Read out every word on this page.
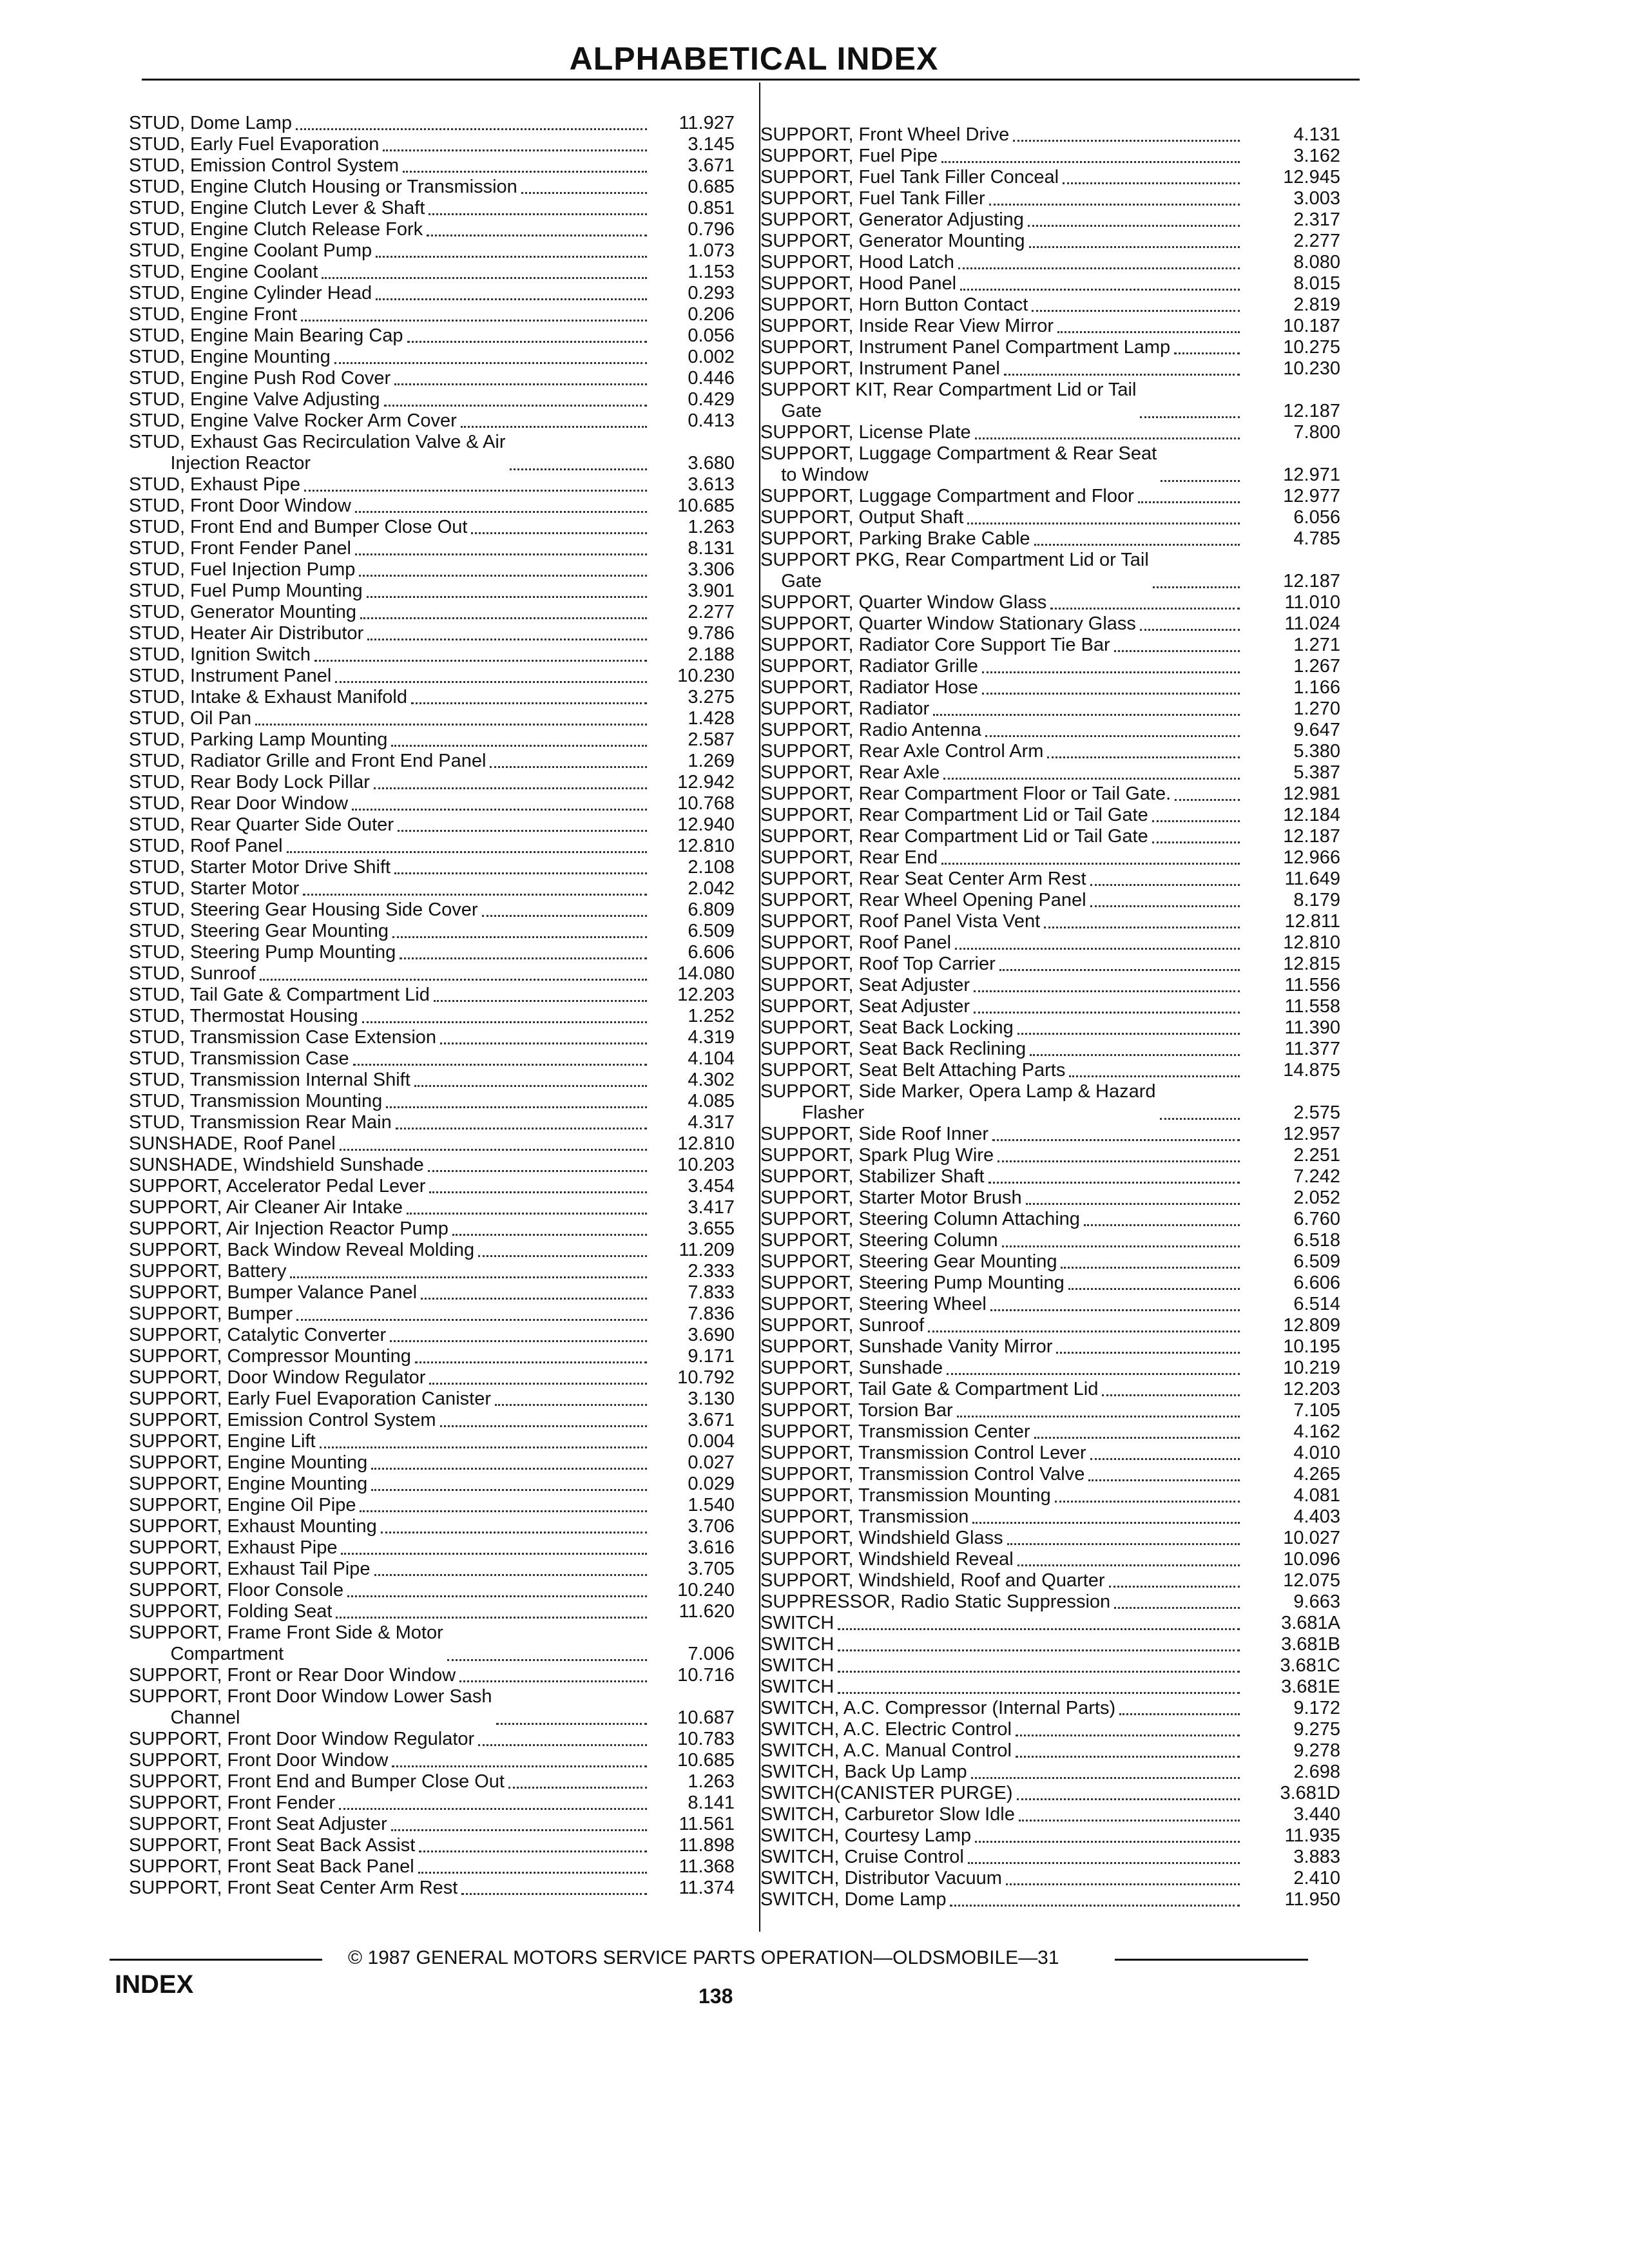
ALPHABETICAL INDEX
STUD, Dome Lamp	11.927
STUD, Early Fuel Evaporation	3.145
STUD, Emission Control System	3.671
STUD, Engine Clutch Housing or Transmission	0.685
STUD, Engine Clutch Lever & Shaft	0.851
STUD, Engine Clutch Release Fork	0.796
STUD, Engine Coolant Pump	1.073
STUD, Engine Coolant	1.153
STUD, Engine Cylinder Head	0.293
STUD, Engine Front	0.206
STUD, Engine Main Bearing Cap	0.056
STUD, Engine Mounting	0.002
STUD, Engine Push Rod Cover	0.446
STUD, Engine Valve Adjusting	0.429
STUD, Engine Valve Rocker Arm Cover	0.413
STUD, Exhaust Gas Recirculation Valve & Air
Injection Reactor	3.680
STUD, Exhaust Pipe	3.613
STUD, Front Door Window	10.685
STUD, Front End and Bumper Close Out	1.263
STUD, Front Fender Panel	8.131
STUD, Fuel Injection Pump	3.306
STUD, Fuel Pump Mounting	3.901
STUD, Generator Mounting	2.277
STUD, Heater Air Distributor	9.786
STUD, Ignition Switch	2.188
STUD, Instrument Panel	10.230
STUD, Intake & Exhaust Manifold	3.275
STUD, Oil Pan	1.428
STUD, Parking Lamp Mounting	2.587
STUD, Radiator Grille and Front End Panel	1.269
STUD, Rear Body Lock Pillar	12.942
STUD, Rear Door Window	10.768
STUD, Rear Quarter Side Outer	12.940
STUD, Roof Panel	12.810
STUD, Starter Motor Drive Shift	2.108
STUD, Starter Motor	2.042
STUD, Steering Gear Housing Side Cover	6.809
STUD, Steering Gear Mounting	6.509
STUD, Steering Pump Mounting	6.606
STUD, Sunroof	14.080
STUD, Tail Gate & Compartment Lid	12.203
STUD, Thermostat Housing	1.252
STUD, Transmission Case Extension	4.319
STUD, Transmission Case	4.104
STUD, Transmission Internal Shift	4.302
STUD, Transmission Mounting	4.085
STUD, Transmission Rear Main	4.317
SUNSHADE, Roof Panel	12.810
SUNSHADE, Windshield Sunshade	10.203
SUPPORT, Accelerator Pedal Lever	3.454
SUPPORT, Air Cleaner Air Intake	3.417
SUPPORT, Air Injection Reactor Pump	3.655
SUPPORT, Back Window Reveal Molding	11.209
SUPPORT, Battery	2.333
SUPPORT, Bumper Valance Panel	7.833
SUPPORT, Bumper	7.836
SUPPORT, Catalytic Converter	3.690
SUPPORT, Compressor Mounting	9.171
SUPPORT, Door Window Regulator	10.792
SUPPORT, Early Fuel Evaporation Canister	3.130
SUPPORT, Emission Control System	3.671
SUPPORT, Engine Lift	0.004
SUPPORT, Engine Mounting	0.027
SUPPORT, Engine Mounting	0.029
SUPPORT, Engine Oil Pipe	1.540
SUPPORT, Exhaust Mounting	3.706
SUPPORT, Exhaust Pipe	3.616
SUPPORT, Exhaust Tail Pipe	3.705
SUPPORT, Floor Console	10.240
SUPPORT, Folding Seat	11.620
SUPPORT, Frame Front Side & Motor
Compartment	7.006
SUPPORT, Front or Rear Door Window	10.716
SUPPORT, Front Door Window Lower Sash
Channel	10.687
SUPPORT, Front Door Window Regulator	10.783
SUPPORT, Front Door Window	10.685
SUPPORT, Front End and Bumper Close Out	1.263
SUPPORT, Front Fender	8.141
SUPPORT, Front Seat Adjuster	11.561
SUPPORT, Front Seat Back Assist	11.898
SUPPORT, Front Seat Back Panel	11.368
SUPPORT, Front Seat Center Arm Rest	11.374
SUPPORT, Front Wheel Drive	4.131
SUPPORT, Fuel Pipe	3.162
SUPPORT, Fuel Tank Filler Conceal	12.945
SUPPORT, Fuel Tank Filler	3.003
SUPPORT, Generator Adjusting	2.317
SUPPORT, Generator Mounting	2.277
SUPPORT, Hood Latch	8.080
SUPPORT, Hood Panel	8.015
SUPPORT, Horn Button Contact	2.819
SUPPORT, Inside Rear View Mirror	10.187
SUPPORT, Instrument Panel Compartment Lamp	10.275
SUPPORT, Instrument Panel	10.230
SUPPORT KIT, Rear Compartment Lid or Tail
Gate	12.187
SUPPORT, License Plate	7.800
SUPPORT, Luggage Compartment & Rear Seat
to Window	12.971
SUPPORT, Luggage Compartment and Floor	12.977
SUPPORT, Output Shaft	6.056
SUPPORT, Parking Brake Cable	4.785
SUPPORT PKG, Rear Compartment Lid or Tail
Gate	12.187
SUPPORT, Quarter Window Glass	11.010
SUPPORT, Quarter Window Stationary Glass	11.024
SUPPORT, Radiator Core Support Tie Bar	1.271
SUPPORT, Radiator Grille	1.267
SUPPORT, Radiator Hose	1.166
SUPPORT, Radiator	1.270
SUPPORT, Radio Antenna	9.647
SUPPORT, Rear Axle Control Arm	5.380
SUPPORT, Rear Axle	5.387
SUPPORT, Rear Compartment Floor or Tail Gate.	12.981
SUPPORT, Rear Compartment Lid or Tail Gate	12.184
SUPPORT, Rear Compartment Lid or Tail Gate	12.187
SUPPORT, Rear End	12.966
SUPPORT, Rear Seat Center Arm Rest	11.649
SUPPORT, Rear Wheel Opening Panel	8.179
SUPPORT, Roof Panel Vista Vent	12.811
SUPPORT, Roof Panel	12.810
SUPPORT, Roof Top Carrier	12.815
SUPPORT, Seat Adjuster	11.556
SUPPORT, Seat Adjuster	11.558
SUPPORT, Seat Back Locking	11.390
SUPPORT, Seat Back Reclining	11.377
SUPPORT, Seat Belt Attaching Parts	14.875
SUPPORT, Side Marker, Opera Lamp & Hazard
Flasher	2.575
SUPPORT, Side Roof Inner	12.957
SUPPORT, Spark Plug Wire	2.251
SUPPORT, Stabilizer Shaft	7.242
SUPPORT, Starter Motor Brush	2.052
SUPPORT, Steering Column Attaching	6.760
SUPPORT, Steering Column	6.518
SUPPORT, Steering Gear Mounting	6.509
SUPPORT, Steering Pump Mounting	6.606
SUPPORT, Steering Wheel	6.514
SUPPORT, Sunroof	12.809
SUPPORT, Sunshade Vanity Mirror	10.195
SUPPORT, Sunshade	10.219
SUPPORT, Tail Gate & Compartment Lid	12.203
SUPPORT, Torsion Bar	7.105
SUPPORT, Transmission Center	4.162
SUPPORT, Transmission Control Lever	4.010
SUPPORT, Transmission Control Valve	4.265
SUPPORT, Transmission Mounting	4.081
SUPPORT, Transmission	4.403
SUPPORT, Windshield Glass	10.027
SUPPORT, Windshield Reveal	10.096
SUPPORT, Windshield, Roof and Quarter	12.075
SUPPRESSOR, Radio Static Suppression	9.663
SWITCH	3.681A
SWITCH	3.681B
SWITCH	3.681C
SWITCH	3.681E
SWITCH, A.C. Compressor (Internal Parts)	9.172
SWITCH, A.C. Electric Control	9.275
SWITCH, A.C. Manual Control	9.278
SWITCH, Back Up Lamp	2.698
SWITCH(CANISTER PURGE)	3.681D
SWITCH, Carburetor Slow Idle	3.440
SWITCH, Courtesy Lamp	11.935
SWITCH, Cruise Control	3.883
SWITCH, Distributor Vacuum	2.410
SWITCH, Dome Lamp	11.950
© 1987 GENERAL MOTORS SERVICE PARTS OPERATION—OLDSMOBILE—31
INDEX	138
